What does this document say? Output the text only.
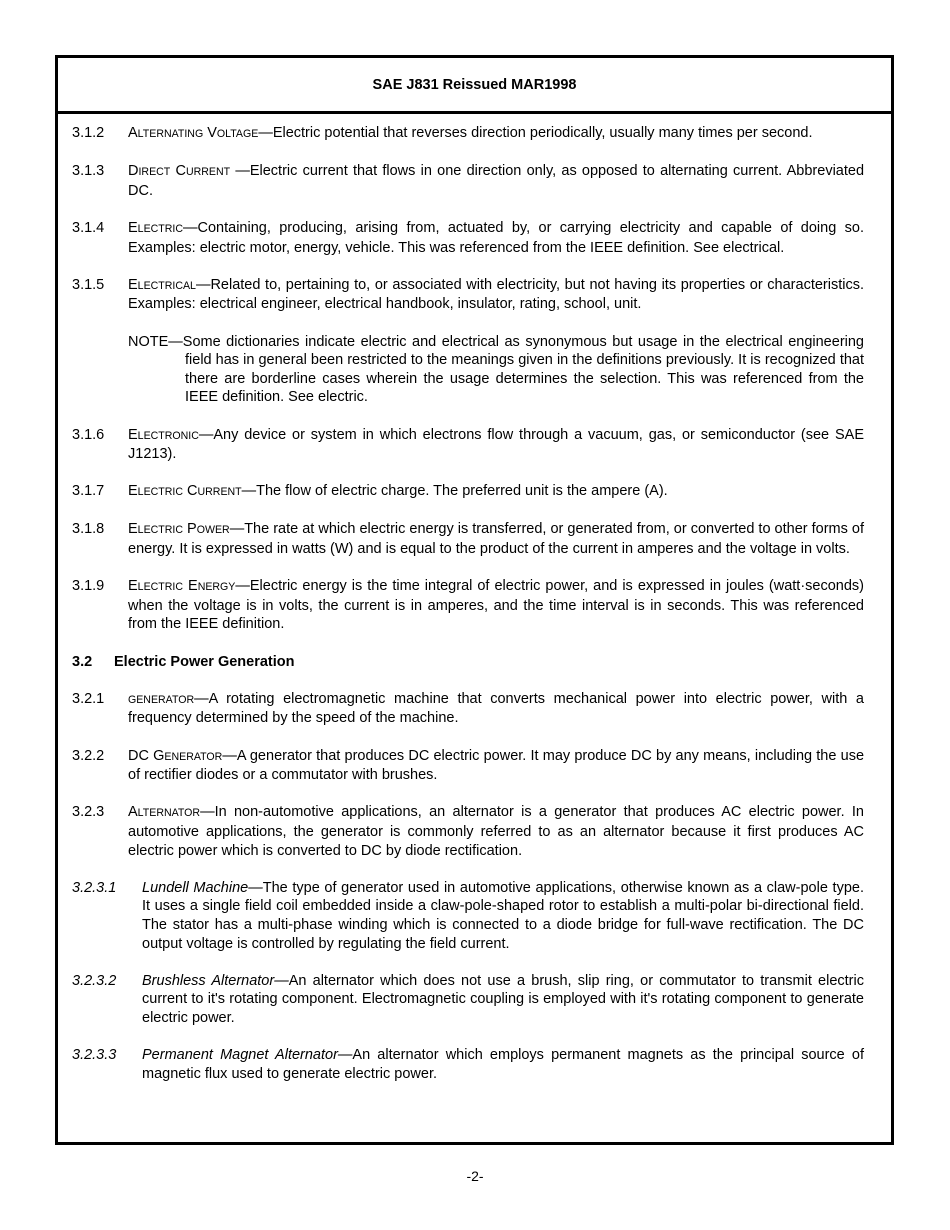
SAE J831 Reissued MAR1998
3.1.2 ALTERNATING VOLTAGE—Electric potential that reverses direction periodically, usually many times per second.
3.1.3 DIRECT CURRENT —Electric current that flows in one direction only, as opposed to alternating current. Abbreviated DC.
3.1.4 ELECTRIC—Containing, producing, arising from, actuated by, or carrying electricity and capable of doing so. Examples: electric motor, energy, vehicle. This was referenced from the IEEE definition. See electrical.
3.1.5 ELECTRICAL—Related to, pertaining to, or associated with electricity, but not having its properties or characteristics. Examples: electrical engineer, electrical handbook, insulator, rating, school, unit.
NOTE—Some dictionaries indicate electric and electrical as synonymous but usage in the electrical engineering field has in general been restricted to the meanings given in the definitions previously. It is recognized that there are borderline cases wherein the usage determines the selection. This was referenced from the IEEE definition. See electric.
3.1.6 ELECTRONIC—Any device or system in which electrons flow through a vacuum, gas, or semiconductor (see SAE J1213).
3.1.7 ELECTRIC CURRENT—The flow of electric charge. The preferred unit is the ampere (A).
3.1.8 ELECTRIC POWER—The rate at which electric energy is transferred, or generated from, or converted to other forms of energy. It is expressed in watts (W) and is equal to the product of the current in amperes and the voltage in volts.
3.1.9 ELECTRIC ENERGY—Electric energy is the time integral of electric power, and is expressed in joules (watt·seconds) when the voltage is in volts, the current is in amperes, and the time interval is in seconds. This was referenced from the IEEE definition.
3.2 Electric Power Generation
3.2.1 GENERATOR—A rotating electromagnetic machine that converts mechanical power into electric power, with a frequency determined by the speed of the machine.
3.2.2 DC GENERATOR—A generator that produces DC electric power. It may produce DC by any means, including the use of rectifier diodes or a commutator with brushes.
3.2.3 ALTERNATOR—In non-automotive applications, an alternator is a generator that produces AC electric power. In automotive applications, the generator is commonly referred to as an alternator because it first produces AC electric power which is converted to DC by diode rectification.
3.2.3.1 Lundell Machine—The type of generator used in automotive applications, otherwise known as a claw-pole type. It uses a single field coil embedded inside a claw-pole-shaped rotor to establish a multi-polar bi-directional field. The stator has a multi-phase winding which is connected to a diode bridge for full-wave rectification. The DC output voltage is controlled by regulating the field current.
3.2.3.2 Brushless Alternator—An alternator which does not use a brush, slip ring, or commutator to transmit electric current to it's rotating component. Electromagnetic coupling is employed with it's rotating component to generate electric power.
3.2.3.3 Permanent Magnet Alternator—An alternator which employs permanent magnets as the principal source of magnetic flux used to generate electric power.
-2-
